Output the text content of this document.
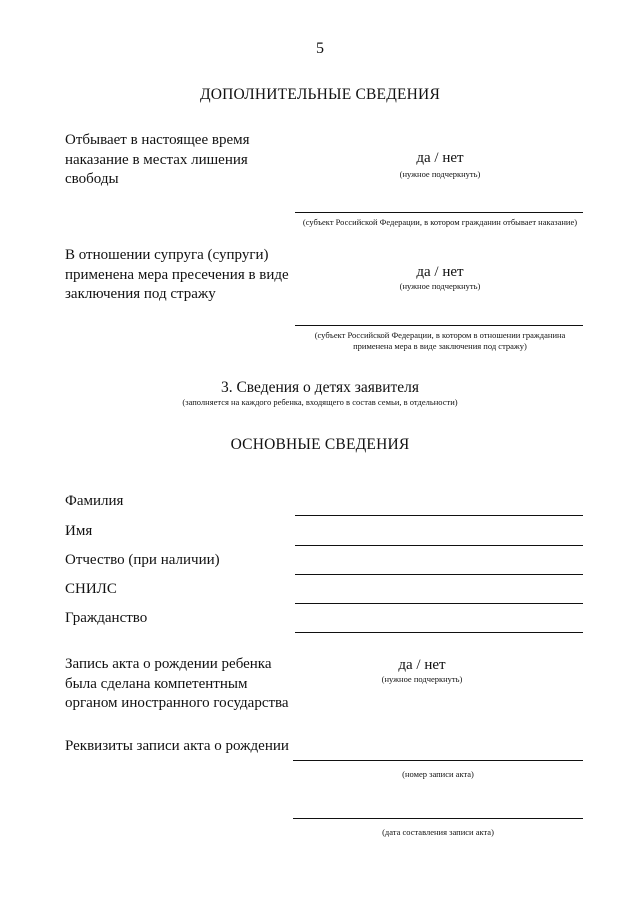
5
ДОПОЛНИТЕЛЬНЫЕ СВЕДЕНИЯ
Отбывает в настоящее время
наказание в местах лишения
свободы
да / нет
(нужное подчеркнуть)
(субъект Российской Федерации, в котором гражданин отбывает наказание)
В отношении супруга (супруги)
применена мера пресечения в виде
заключения под стражу
да / нет
(нужное подчеркнуть)
(субъект Российской Федерации, в котором в отношении гражданина
применена мера в виде заключения под стражу)
3. Сведения о детях заявителя
(заполняется на каждого ребенка, входящего в состав семьи, в отдельности)
ОСНОВНЫЕ СВЕДЕНИЯ
Фамилия
Имя
Отчество (при наличии)
СНИЛС
Гражданство
Запись акта о рождении ребенка
была сделана компетентным
органом иностранного государства
да / нет
(нужное подчеркнуть)
Реквизиты записи акта о рождении
(номер записи акта)
(дата составления записи акта)
